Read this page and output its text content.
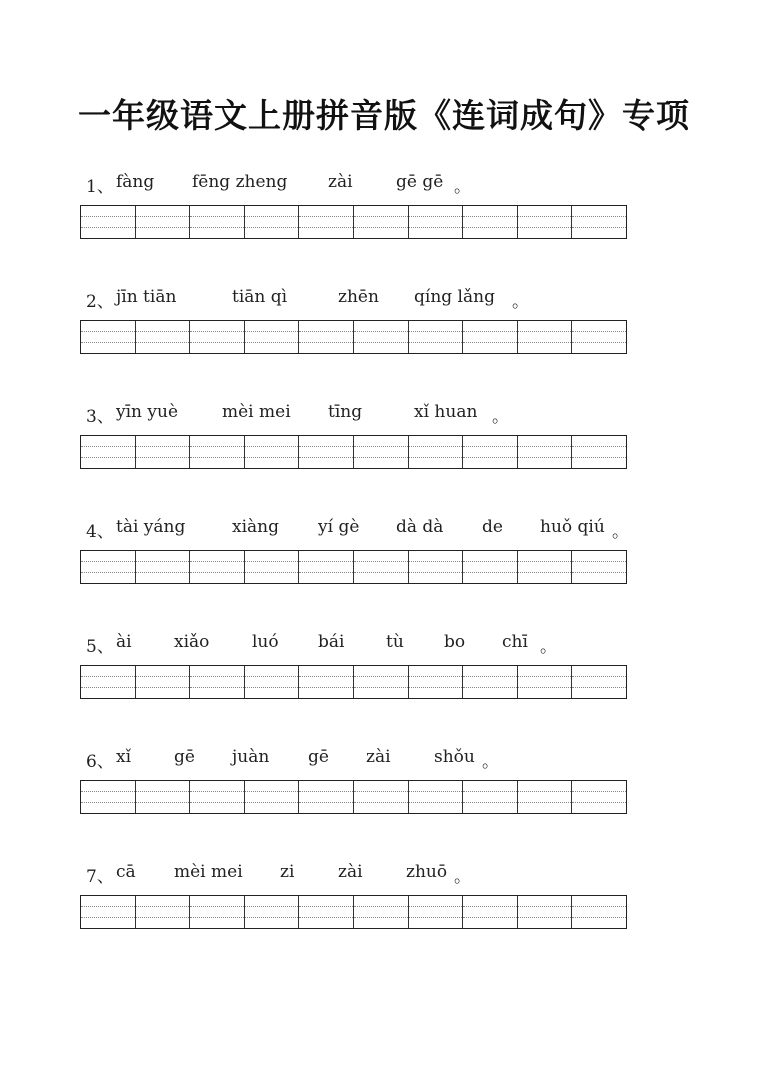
一年级语文上册拼音版《连词成句》专项
1、 fàng fēng zheng zài	gē gē 。
2、 jīn tiān	tiān qì	zhēn qíng lǎng 。
3、 yīn yuè	mèi mei tīng	xǐ huan 。
4、 tài yáng	xiàng yí gè dà dà de huǒ qiú 。
5、 ài xiǎo	luó bái tù bo chī 。
6、 xǐ	gē juàn gē zài	shǒu 。
7、 cā mèi mei zi	zài	zhuō 。
